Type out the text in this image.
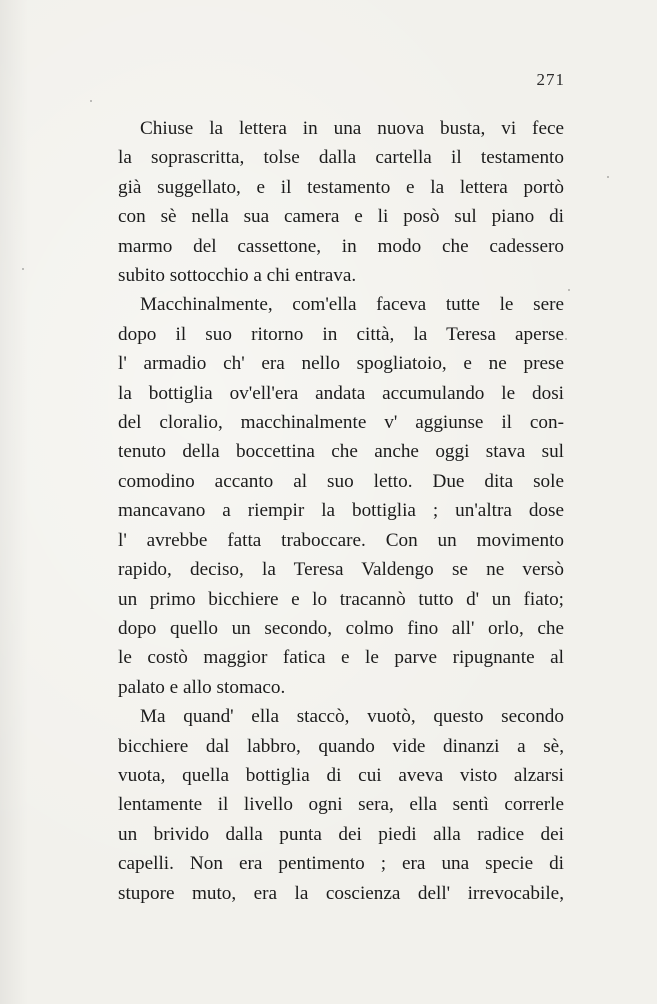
271

Chiuse la lettera in una nuova busta, vi fece
la soprascritta, tolse dalla cartella il testamento
già suggellato, e il testamento e la lettera portò
con sè nella sua camera e li posò sul piano di
marmo del cassettone, in modo che cadessero
subito sottocchio a chi entrava.

Macchinalmente, com'ella faceva tutte le sere
dopo il suo ritorno in città, la Teresa aperse
l' armadio ch' era nello spogliatoio, e ne prese
la bottiglia ov'ell'era andata accumulando le dosi
del cloralio, macchinalmente v' aggiunse il con-
tenuto della boccettina che anche oggi stava sul
comodino accanto al suo letto. Due dita sole
mancavano a riempir la bottiglia ; un'altra dose
l' avrebbe fatta traboccare. Con un movimento
rapido, deciso, la Teresa Valdengo se ne versò
un primo bicchiere e lo tracannò tutto d' un fiato;
dopo quello un secondo, colmo fino all' orlo, che
le costò maggior fatica e le parve ripugnante al
palato e allo stomaco.

Ma quand' ella staccò, vuotò, questo secondo
bicchiere dal labbro, quando vide dinanzi a sè,
vuota, quella bottiglia di cui aveva visto alzarsi
lentamente il livello ogni sera, ella sentì correrle
un brivido dalla punta dei piedi alla radice dei
capelli. Non era pentimento ; era una specie di
stupore muto, era la coscienza dell' irrevocabile,
